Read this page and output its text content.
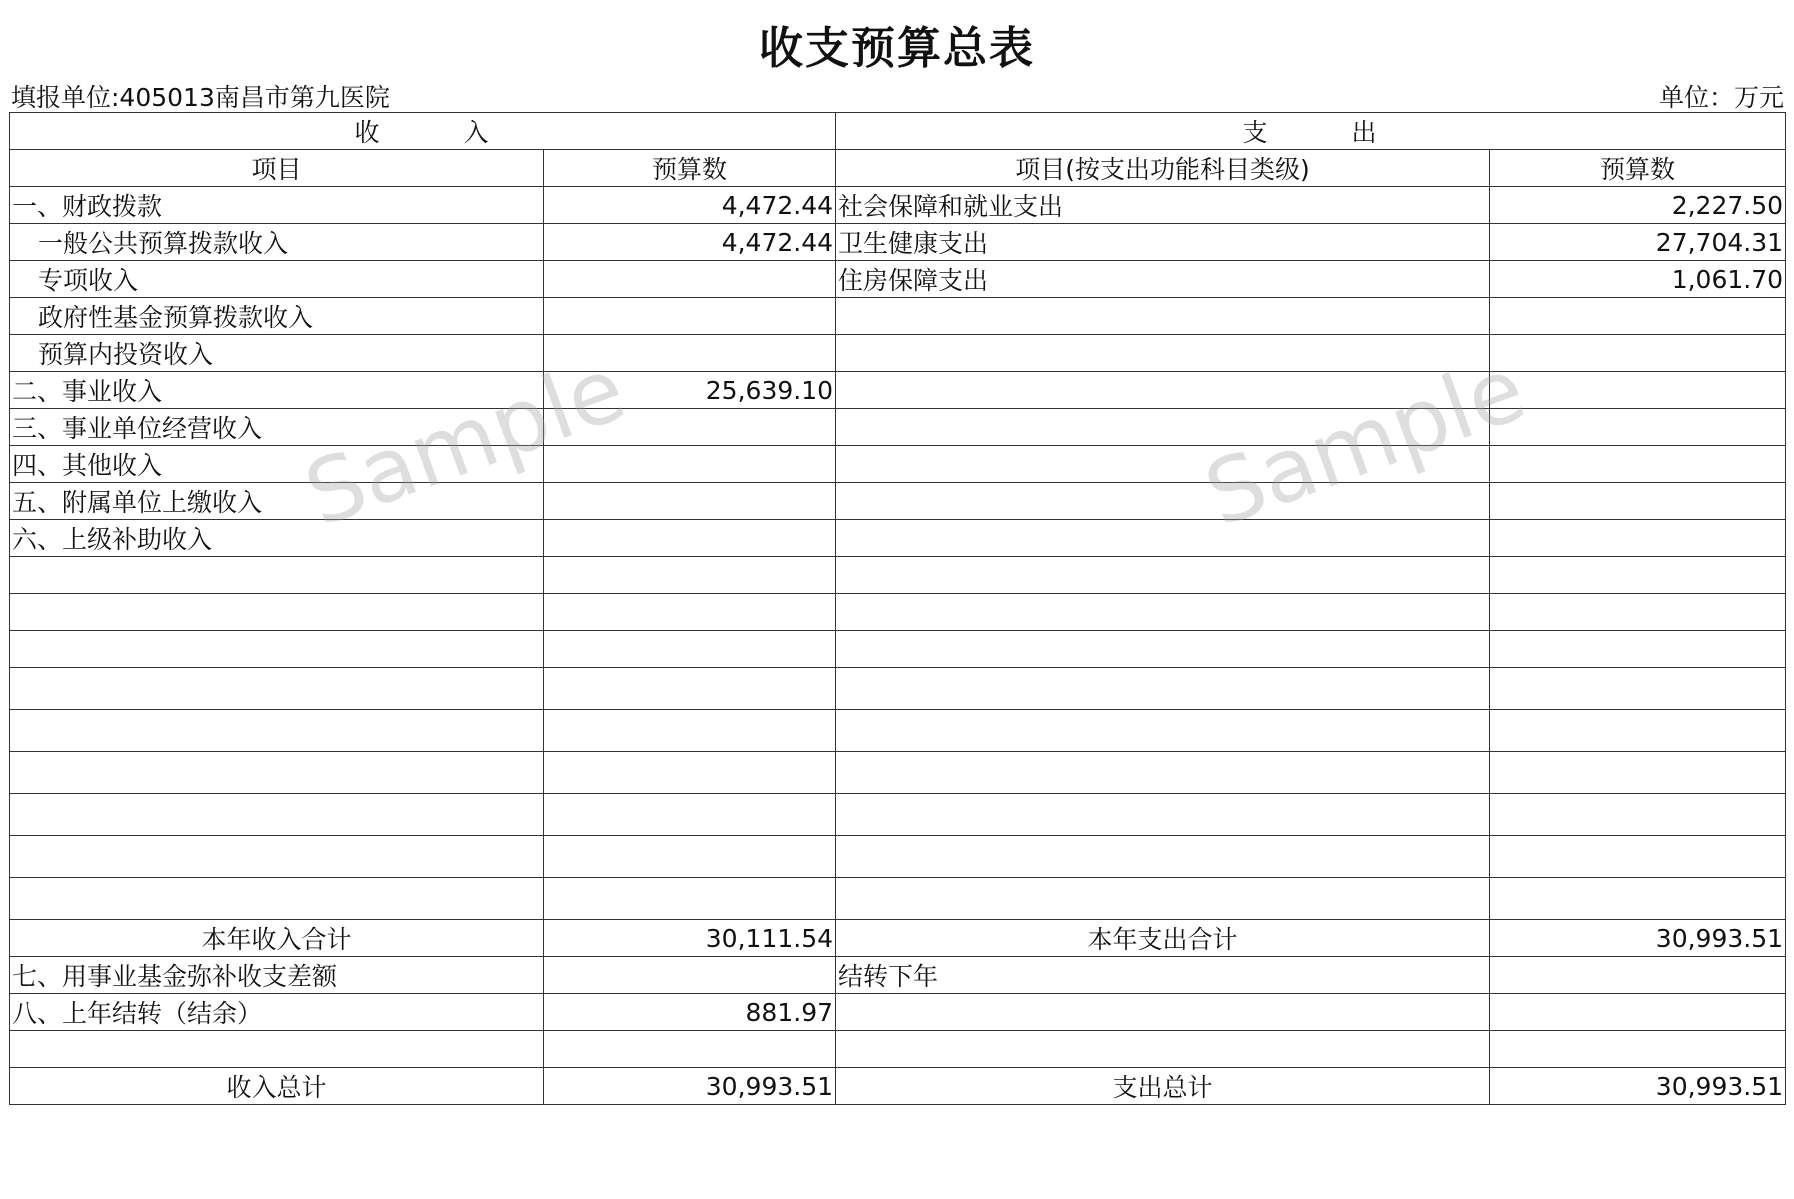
收支预算总表
填报单位:405013南昌市第九医院	单位：万元
收 入		支 出	
项目	预算数	项目(按支出功能科目类级)	预算数
一、财政拨款	4,472.44	社会保障和就业支出	2,227.50
一般公共预算拨款收入	4,472.44	卫生健康支出	27,704.31
专项收入		住房保障支出	1,061.70
政府性基金预算拨款收入			
预算内投资收入			
二、事业收入	25,639.10		
三、事业单位经营收入			
四、其他收入			
五、附属单位上缴收入			
六、上级补助收入			

本年收入合计	30,111.54	本年支出合计	30,993.51
七、用事业基金弥补收支差额		结转下年	
八、上年结转（结余）	881.97		

收入总计	30,993.51	支出总计	30,993.51
Sample	Sample
